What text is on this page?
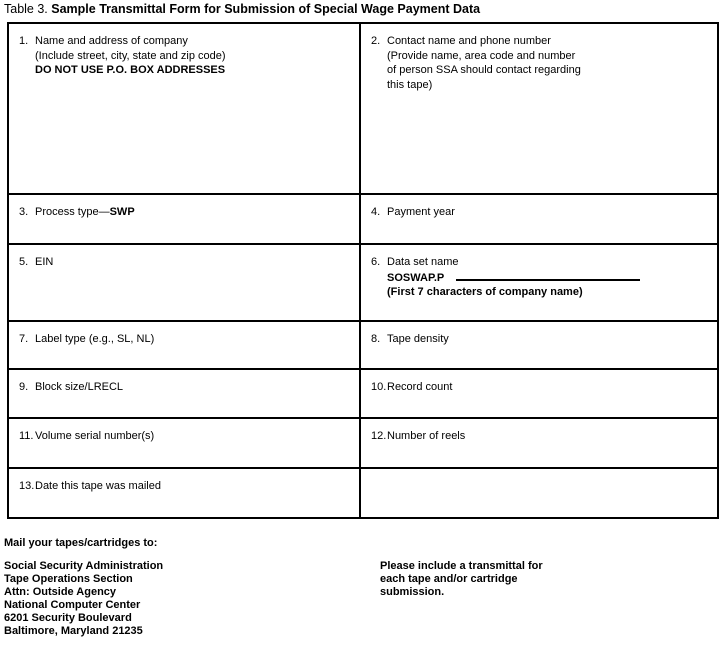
Table 3. Sample Transmittal Form for Submission of Special Wage Payment Data
1. Name and address of company
(Include street, city, state and zip code)
DO NOT USE P.O. BOX ADDRESSES
2. Contact name and phone number
(Provide name, area code and number
of person SSA should contact regarding
this tape)
3. Process type—SWP	4. Payment year
5. EIN	6. Data set name
SOSWAP.P
(First 7 characters of company name)
7. Label type (e.g., SL, NL)	8. Tape density
9. Block size/LRECL	10. Record count
11. Volume serial number(s)	12. Number of reels
13. Date this tape was mailed
Mail your tapes/cartridges to:
Social Security Administration
Tape Operations Section
Attn: Outside Agency
National Computer Center
6201 Security Boulevard
Baltimore, Maryland 21235
Please include a transmittal for
each tape and/or cartridge
submission.
